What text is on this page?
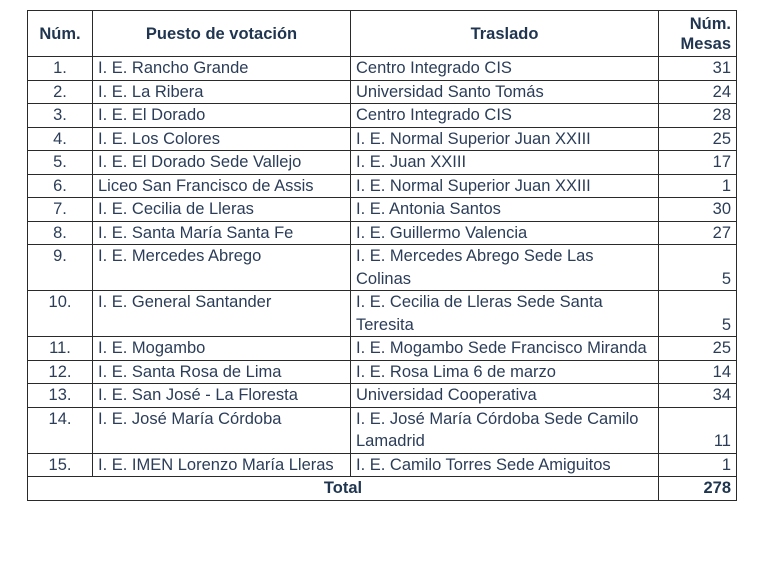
Núm.	Puesto de votación	Traslado	Núm.
Mesas
1.	I. E. Rancho Grande	Centro Integrado CIS	31
2.	I. E. La Ribera	Universidad Santo Tomás	24
3.	I. E. El Dorado	Centro Integrado CIS	28
4.	I. E. Los Colores	I. E. Normal Superior Juan XXIII	25
5.	I. E. El Dorado Sede Vallejo	I. E. Juan XXIII	17
6.	Liceo San Francisco de Assis	I. E. Normal Superior Juan XXIII	1
7.	I. E. Cecilia de Lleras	I. E. Antonia Santos	30
8.	I. E. Santa María Santa Fe	I. E. Guillermo Valencia	27
9.	I. E. Mercedes Abrego	I. E. Mercedes Abrego Sede Las Colinas	5
10.	I. E. General Santander	I. E. Cecilia de Lleras Sede Santa Teresita	5
11.	I. E. Mogambo	I. E. Mogambo Sede Francisco Miranda	25
12.	I. E. Santa Rosa de Lima	I. E. Rosa Lima 6 de marzo	14
13.	I. E. San José - La Floresta	Universidad Cooperativa	34
14.	I. E. José María Córdoba	I. E. José María Córdoba Sede Camilo Lamadrid	11
15.	I. E. IMEN Lorenzo María Lleras	I. E. Camilo Torres Sede Amiguitos	1
Total			278
